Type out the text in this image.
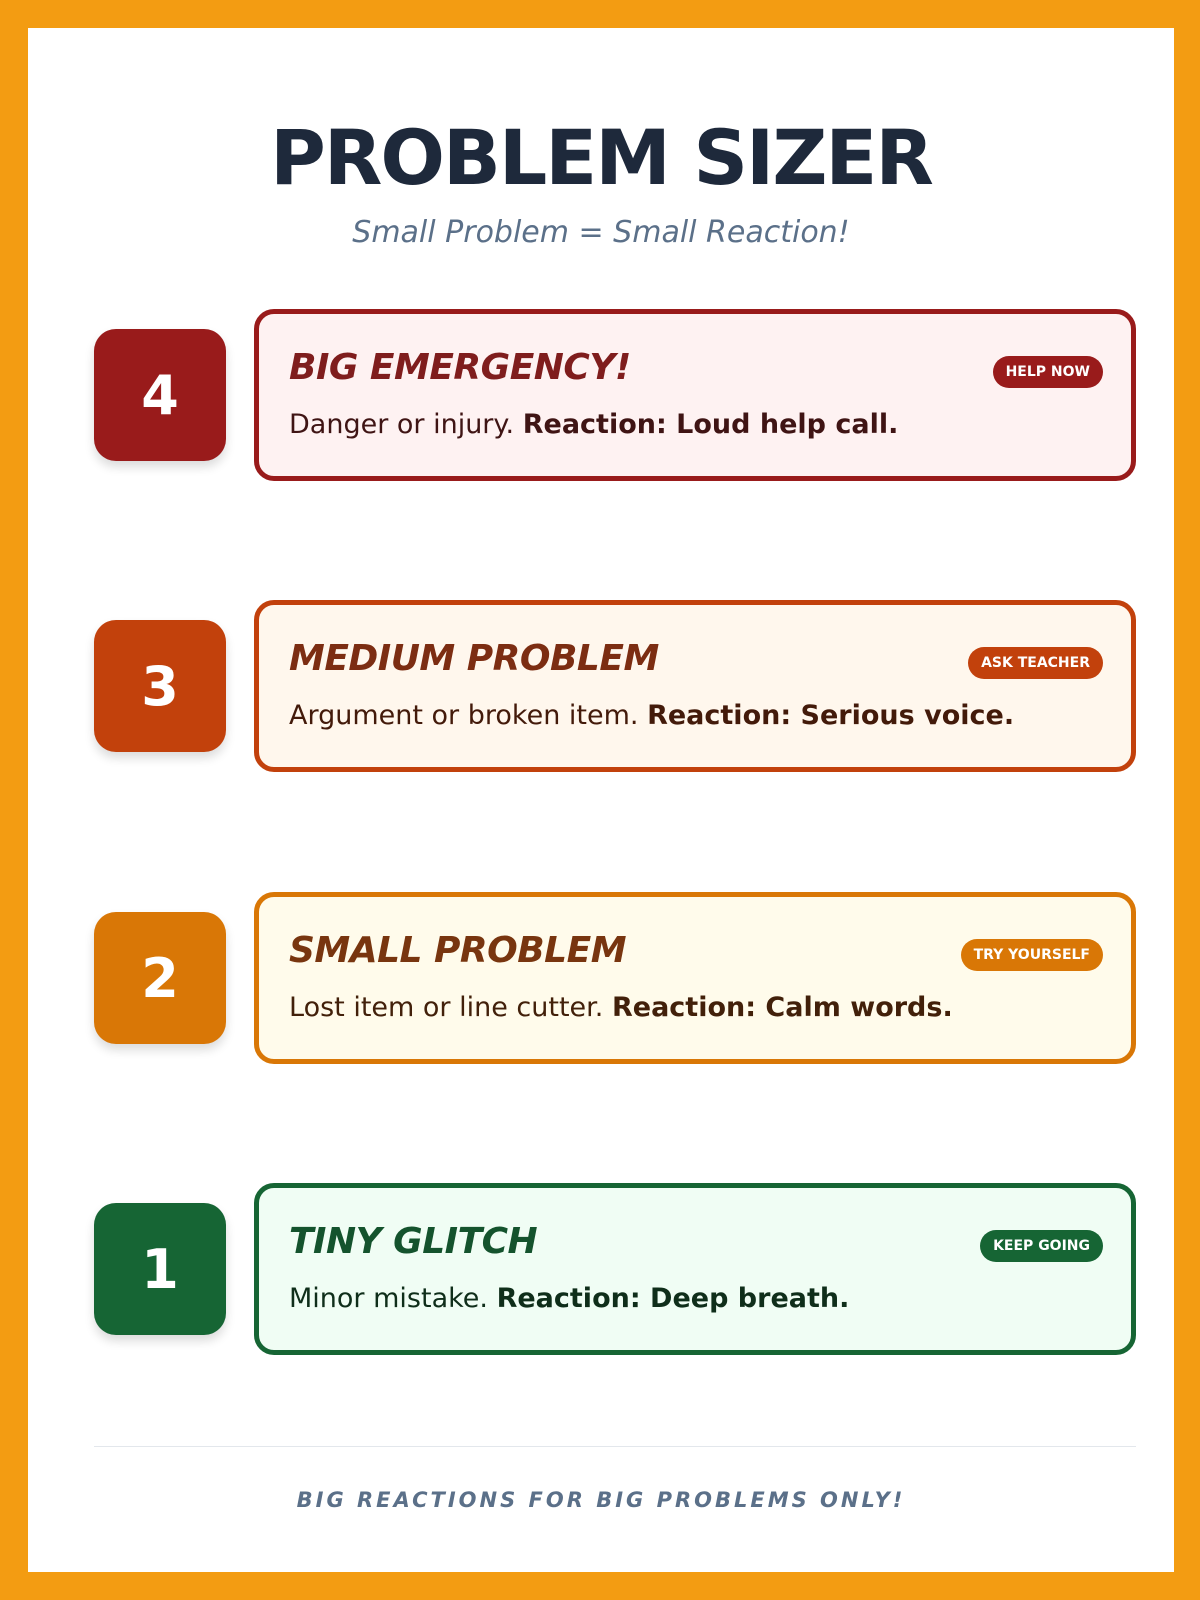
PROBLEM SIZER
Small Problem = Small Reaction!
4	BIG EMERGENCY!	HELP NOW
Danger or injury. Reaction: Loud help call.
3	MEDIUM PROBLEM	ASK TEACHER
Argument or broken item. Reaction: Serious voice.
2	SMALL PROBLEM	TRY YOURSELF
Lost item or line cutter. Reaction: Calm words.
1	TINY GLITCH	KEEP GOING
Minor mistake. Reaction: Deep breath.
BIG REACTIONS FOR BIG PROBLEMS ONLY!
